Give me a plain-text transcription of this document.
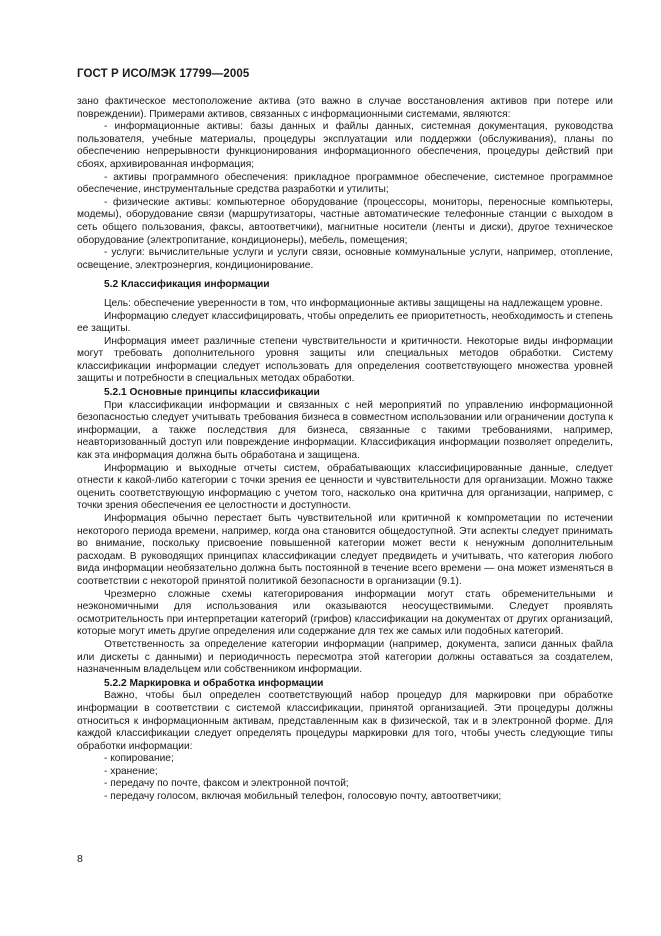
ГОСТ Р ИСО/МЭК 17799—2005

зано фактическое местоположение актива (это важно в случае восстановления активов при потере или повреждении). Примерами активов, связанных с информационными системами, являются:

- информационные активы: базы данных и файлы данных, системная документация, руководства пользователя, учебные материалы, процедуры эксплуатации или поддержки (обслуживания), планы по обеспечению непрерывности функционирования информационного обеспечения, процедуры действий при сбоях, архивированная информация;

- активы программного обеспечения: прикладное программное обеспечение, системное программное обеспечение, инструментальные средства разработки и утилиты;

- физические активы: компьютерное оборудование (процессоры, мониторы, переносные компьютеры, модемы), оборудование связи (маршрутизаторы, частные автоматические телефонные станции с выходом в сеть общего пользования, факсы, автоответчики), магнитные носители (ленты и диски), другое техническое оборудование (электропитание, кондиционеры), мебель, помещения;

- услуги: вычислительные услуги и услуги связи, основные коммунальные услуги, например, отопление, освещение, электроэнергия, кондиционирование.

5.2 Классификация информации

Цель: обеспечение уверенности в том, что информационные активы защищены на надлежащем уровне.

Информацию следует классифицировать, чтобы определить ее приоритетность, необходимость и степень ее защиты.

Информация имеет различные степени чувствительности и критичности. Некоторые виды информации могут требовать дополнительного уровня защиты или специальных методов обработки. Систему классификации информации следует использовать для определения соответствующего множества уровней защиты и потребности в специальных методах обработки.

5.2.1 Основные принципы классификации

При классификации информации и связанных с ней мероприятий по управлению информационной безопасностью следует учитывать требования бизнеса в совместном использовании или ограничении доступа к информации, а также последствия для бизнеса, связанные с такими требованиями, например, неавторизованный доступ или повреждение информации. Классификация информации позволяет определить, как эта информация должна быть обработана и защищена.

Информацию и выходные отчеты систем, обрабатывающих классифицированные данные, следует отнести к какой-либо категории с точки зрения ее ценности и чувствительности для организации. Можно также оценить соответствующую информацию с учетом того, насколько она критична для организации, например, с точки зрения обеспечения ее целостности и доступности.

Информация обычно перестает быть чувствительной или критичной к компрометации по истечении некоторого периода времени, например, когда она становится общедоступной. Эти аспекты следует принимать во внимание, поскольку присвоение повышенной категории может вести к ненужным дополнительным расходам. В руководящих принципах классификации следует предвидеть и учитывать, что категория любого вида информации необязательно должна быть постоянной в течение всего времени — она может изменяться в соответствии с некоторой принятой политикой безопасности в организации (9.1).

Чрезмерно сложные схемы категорирования информации могут стать обременительными и неэкономичными для использования или оказываются неосуществимыми. Следует проявлять осмотрительность при интерпретации категорий (грифов) классификации на документах от других организаций, которые могут иметь другие определения или содержание для тех же самых или подобных категорий.

Ответственность за определение категории информации (например, документа, записи данных файла или дискеты с данными) и периодичность пересмотра этой категории должны оставаться за создателем, назначенным владельцем или собственником информации.

5.2.2 Маркировка и обработка информации

Важно, чтобы был определен соответствующий набор процедур для маркировки при обработке информации в соответствии с системой классификации, принятой организацией. Эти процедуры должны относиться к информационным активам, представленным как в физической, так и в электронной форме. Для каждой классификации следует определять процедуры маркировки для того, чтобы учесть следующие типы обработки информации:

- копирование;

- хранение;

- передачу по почте, факсом и электронной почтой;

- передачу голосом, включая мобильный телефон, голосовую почту, автоответчики;

8
